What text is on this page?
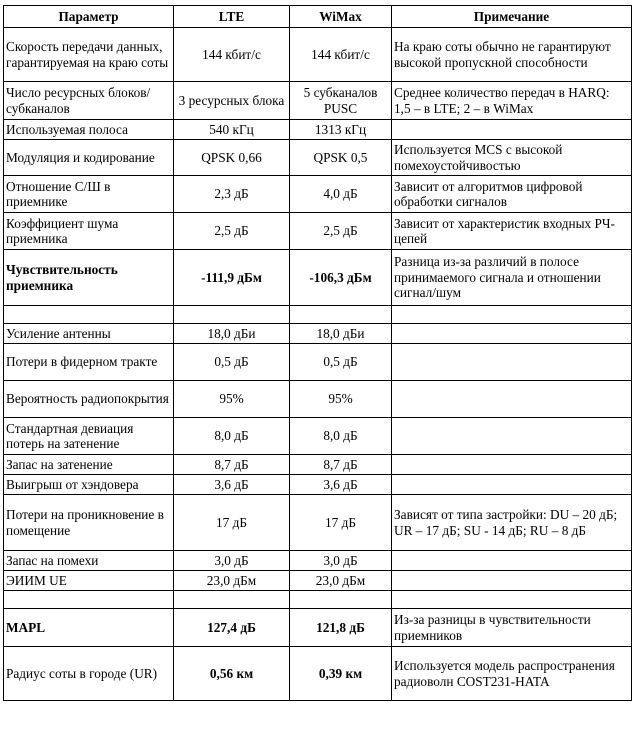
Параметр	LTE	WiMax	Примечание
Скорость передачи данных, гарантируемая на краю соты	144 кбит/с	144 кбит/с	На краю соты обычно не гарантируют высокой пропускной способности
Число ресурсных блоков/субканалов	3 ресурсных блока	5 субканалов PUSC	Среднее количество передач в HARQ: 1,5 – в LTE; 2 – в WiMax
Используемая полоса	540 кГц	1313 кГц	
Модуляция и кодирование	QPSK 0,66	QPSK 0,5	Используется MCS с высокой помехоустойчивостью
Отношение С/Ш в приемнике	2,3 дБ	4,0 дБ	Зависит от алгоритмов цифровой обработки сигналов
Коэффициент шума приемника	2,5 дБ	2,5 дБ	Зависит от характеристик входных РЧ-цепей
Чувствительность приемника	-111,9 дБм	-106,3 дБм	Разница из-за различий в полосе принимаемого сигнала и отношении сигнал/шум

Усиление антенны	18,0 дБи	18,0 дБи	
Потери в фидерном тракте	0,5 дБ	0,5 дБ	
Вероятность радиопокрытия	95%	95%	
Стандартная девиация потерь на затенение	8,0 дБ	8,0 дБ	
Запас на затенение	8,7 дБ	8,7 дБ	
Выигрыш от хэндовера	3,6 дБ	3,6 дБ	
Потери на проникновение в помещение	17 дБ	17 дБ	Зависят от типа застройки: DU – 20 дБ; UR – 17 дБ; SU - 14 дБ; RU – 8 дБ
Запас на помехи	3,0 дБ	3,0 дБ	
ЭИИМ UE	23,0 дБм	23,0 дБм	

MAPL	127,4 дБ	121,8 дБ	Из-за разницы в чувствительности приемников
Радиус соты в городе (UR)	0,56 км	0,39 км	Используется модель распространения радиоволн COST231-HATA
